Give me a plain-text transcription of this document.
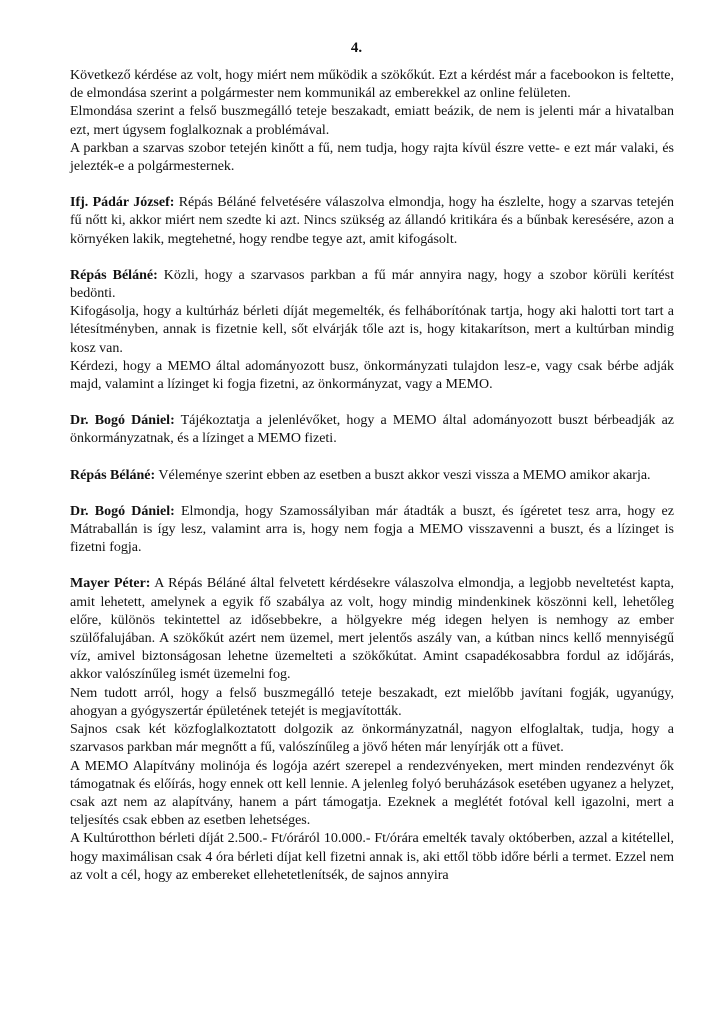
4.

Következő kérdése az volt, hogy miért nem működik a szökőkút. Ezt a kérdést már a facebookon is feltette, de elmondása szerint a polgármester nem kommunikál az emberekkel az online felületen.

Elmondása szerint a felső buszmegálló teteje beszakadt, emiatt beázik, de nem is jelenti már a hivatalban ezt, mert úgysem foglalkoznak a problémával.

A parkban a szarvas szobor tetején kinőtt a fű, nem tudja, hogy rajta kívül észre vette- e ezt már valaki, és jelezték-e a polgármesternek.

Ifj. Pádár József: Répás Béláné felvetésére válaszolva elmondja, hogy ha észlelte, hogy a szarvas tetején fű nőtt ki, akkor miért nem szedte ki azt. Nincs szükség az állandó kritikára és a bűnbak keresésére, azon a környéken lakik, megtehetné, hogy rendbe tegye azt, amit kifogásolt.

Répás Béláné: Közli, hogy a szarvasos parkban a fű már annyira nagy, hogy a szobor körüli kerítést bedönti.

Kifogásolja, hogy a kultúrház bérleti díját megemelték, és felháborítónak tartja, hogy aki halotti tort tart a létesítményben, annak is fizetnie kell, sőt elvárják tőle azt is, hogy kitakarítson, mert a kultúrban mindig kosz van.

Kérdezi, hogy a MEMO által adományozott busz, önkormányzati tulajdon lesz-e, vagy csak bérbe adják majd, valamint a lízinget ki fogja fizetni, az önkormányzat, vagy a MEMO.

Dr. Bogó Dániel: Tájékoztatja a jelenlévőket, hogy a MEMO által adományozott buszt bérbeadják az önkormányzatnak, és a lízinget a MEMO fizeti.

Répás Béláné: Véleménye szerint ebben az esetben a buszt akkor veszi vissza a MEMO amikor akarja.

Dr. Bogó Dániel: Elmondja, hogy Szamossályiban már átadták a buszt, és ígéretet tesz arra, hogy ez Mátraballán is így lesz, valamint arra is, hogy nem fogja a MEMO visszavenni a buszt, és a lízinget is fizetni fogja.

Mayer Péter: A Répás Béláné által felvetett kérdésekre válaszolva elmondja, a legjobb neveltetést kapta, amit lehetett, amelynek a egyik fő szabálya az volt, hogy mindig mindenkinek köszönni kell, lehetőleg előre, különös tekintettel az idősebbekre, a hölgyekre még idegen helyen is nemhogy az ember szülőfalujában. A szökőkút azért nem üzemel, mert jelentős aszály van, a kútban nincs kellő mennyiségű víz, amivel biztonságosan lehetne üzemelteti a szökőkútat. Amint csapadékosabbra fordul az időjárás, akkor valószínűleg ismét üzemelni fog.

Nem tudott arról, hogy a felső buszmegálló teteje beszakadt, ezt mielőbb javítani fogják, ugyanúgy, ahogyan a gyógyszertár épületének tetejét is megjavították.

Sajnos csak két közfoglalkoztatott dolgozik az önkormányzatnál, nagyon elfoglaltak, tudja, hogy a szarvasos parkban már megnőtt a fű, valószínűleg a jövő héten már lenyírják ott a füvet.

A MEMO Alapítvány molinója és logója azért szerepel a rendezvényeken, mert minden rendezvényt ők támogatnak és előírás, hogy ennek ott kell lennie. A jelenleg folyó beruházások esetében ugyanez a helyzet, csak azt nem az alapítvány, hanem a párt támogatja. Ezeknek a meglétét fotóval kell igazolni, mert a teljesítés csak ebben az esetben lehetséges.

A Kultúrotthon bérleti díját 2.500.- Ft/óráról 10.000.- Ft/órára emelték tavaly októberben, azzal a kitétellel, hogy maximálisan csak 4 óra bérleti díjat kell fizetni annak is, aki ettől több időre bérli a termet. Ezzel nem az volt a cél, hogy az embereket ellehetetlenítsék, de sajnos annyira
